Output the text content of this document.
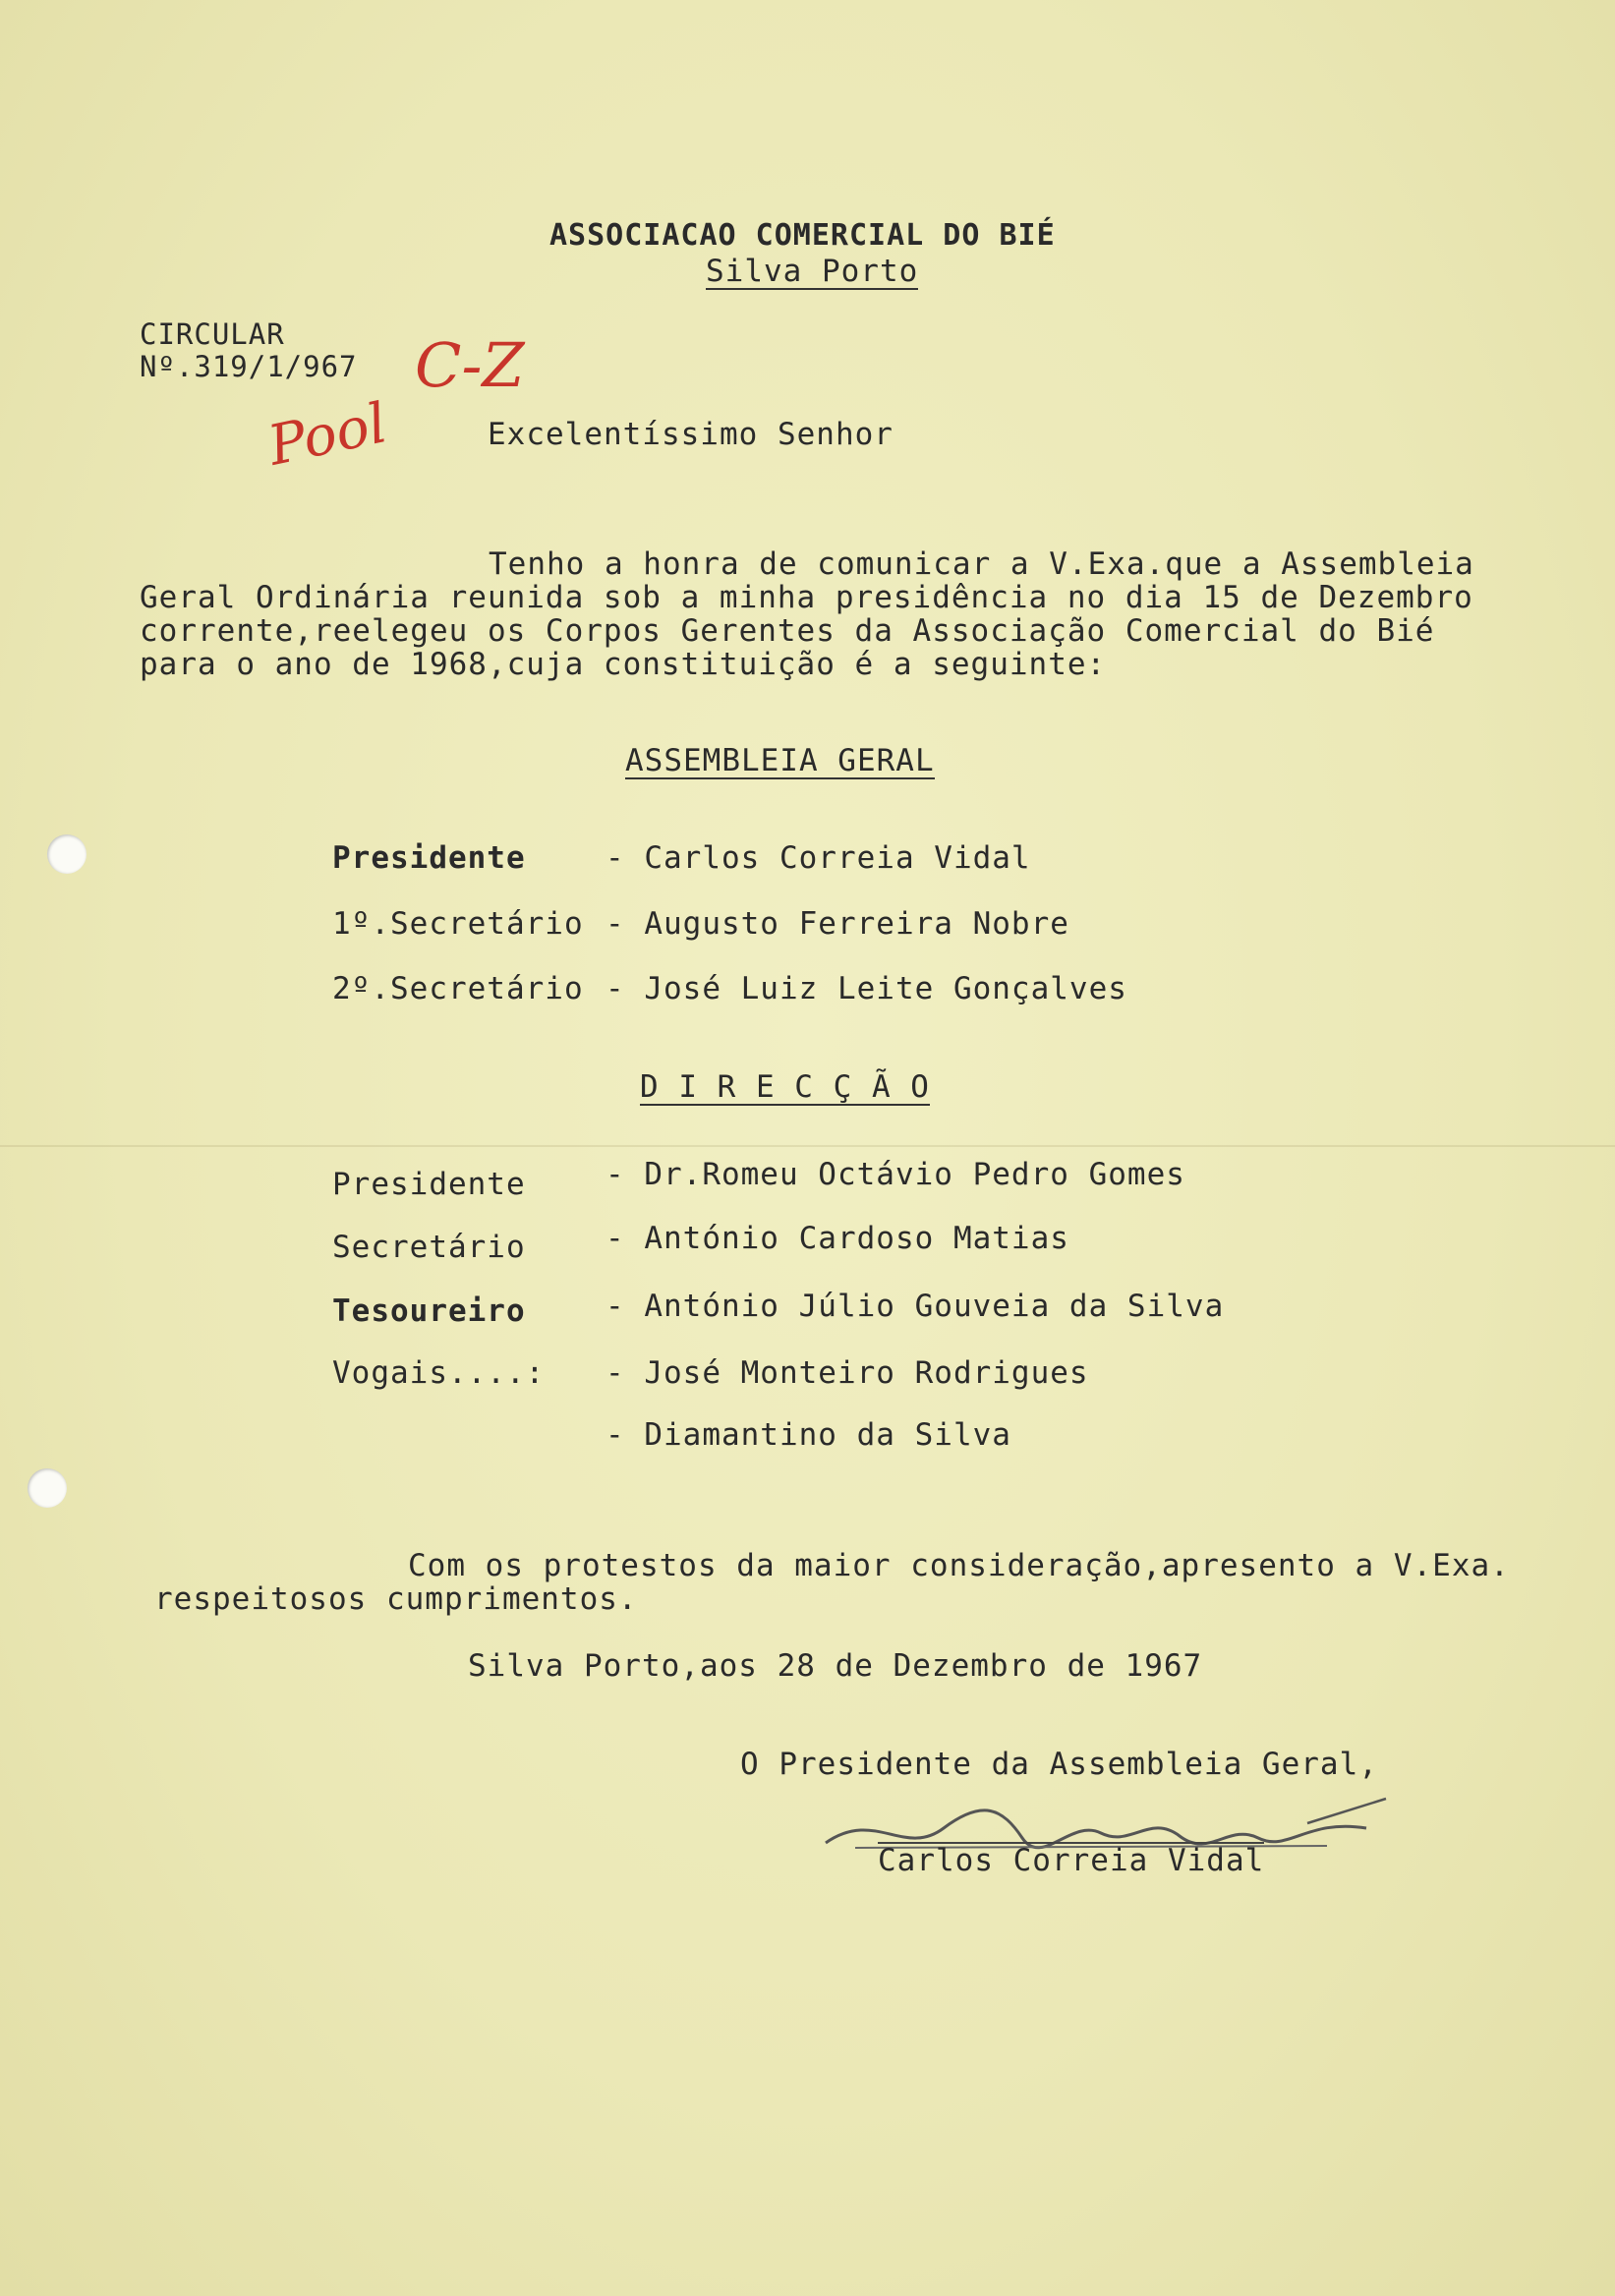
ASSOCIACAO COMERCIAL DO BIÉ
Silva Porto
CIRCULAR
Nº.319/1/967 C-Z
Pool	Excelentíssimo Senhor
Tenho a honra de comunicar a V.Exa.que a Assembleia
Geral Ordinária reunida sob a minha presidência no dia 15 de Dezembro
corrente,reelegeu os Corpos Gerentes da Associação Comercial do Bié
para o ano de 1968,cuja constituição é a seguinte:
ASSEMBLEIA GERAL
Presidente	- Carlos Correia Vidal
1º.Secretário - Augusto Ferreira Nobre
2º.Secretário - José Luiz Leite Gonçalves
D I R E C Ç Ã O
Presidente	- Dr.Romeu Octávio Pedro Gomes
Secretário	- António Cardoso Matias
Tesoureiro	- António Júlio Gouveia da Silva
Vogais....: - José Monteiro Rodrigues
- Diamantino da Silva
Com os protestos da maior consideração,apresento a V.Exa.
respeitosos cumprimentos.
Silva Porto,aos 28 de Dezembro de 1967
O Presidente da Assembleia Geral,
Carlos Correia Vidal
